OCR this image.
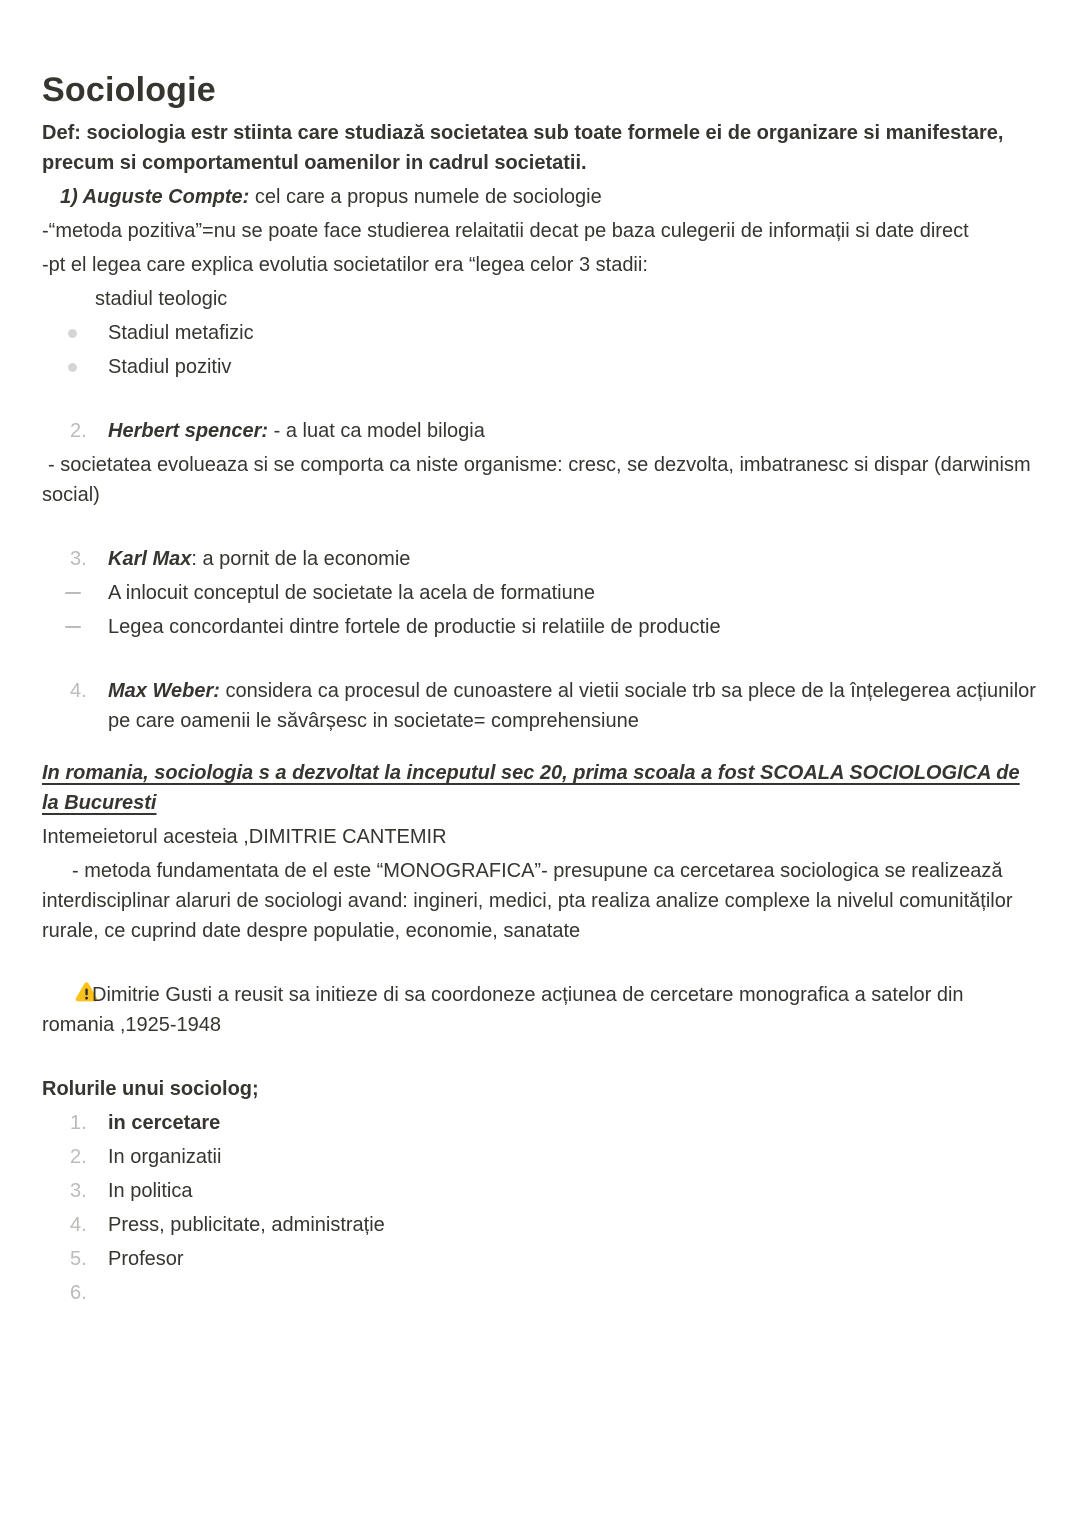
Sociologie

Def: sociologia estr stiinta care studiază societatea sub toate formele ei de organizare si manifestare, precum si comportamentul oamenilor in cadrul societatii.

1) Auguste Compte: cel care a propus numele de sociologie

-“metoda pozitiva”=nu se poate face studierea relaitatii decat pe baza culegerii de informații si date direct

-pt el legea care explica evolutia societatilor era “legea celor 3 stadii:

stadiul teologic

Stadiul metafizic
Stadiul pozitiv
2.	Herbert spencer: - a luat ca model bilogia

- societatea evolueaza si se comporta ca niste organisme: cresc, se dezvolta, imbatranesc si dispar (darwinism social)

3.	Karl Max: a pornit de la economie
A inlocuit conceptul de societate la acela de formatiune
Legea concordantei dintre fortele de productie si relatiile de productie
4.	Max Weber: considera ca procesul de cunoastere al vietii sociale trb sa plece de la înțelegerea acțiunilor pe care oamenii le săvârșesc in societate= comprehensiune

In romania, sociologia s a dezvoltat la inceputul sec 20, prima scoala a fost SCOALA SOCIOLOGICA de la Bucuresti

Intemeietorul acesteia ,DIMITRIE CANTEMIR

- metoda fundamentata de el este “MONOGRAFICA”- presupune ca cercetarea sociologica se realizează interdisciplinar alaruri de sociologi avand: ingineri, medici, pta realiza analize complexe la nivelul comunităților rurale, ce cuprind date despre populatie, economie, sanatate

Dimitrie Gusti a reusit sa initieze di sa coordoneze acțiunea de cercetare monografica a satelor din romania ,1925-1948

Rolurile unui sociolog;

1.	in cercetare
2.	In organizatii
3.	In politica
4.	Press, publicitate, administrație
5.	Profesor
6.
